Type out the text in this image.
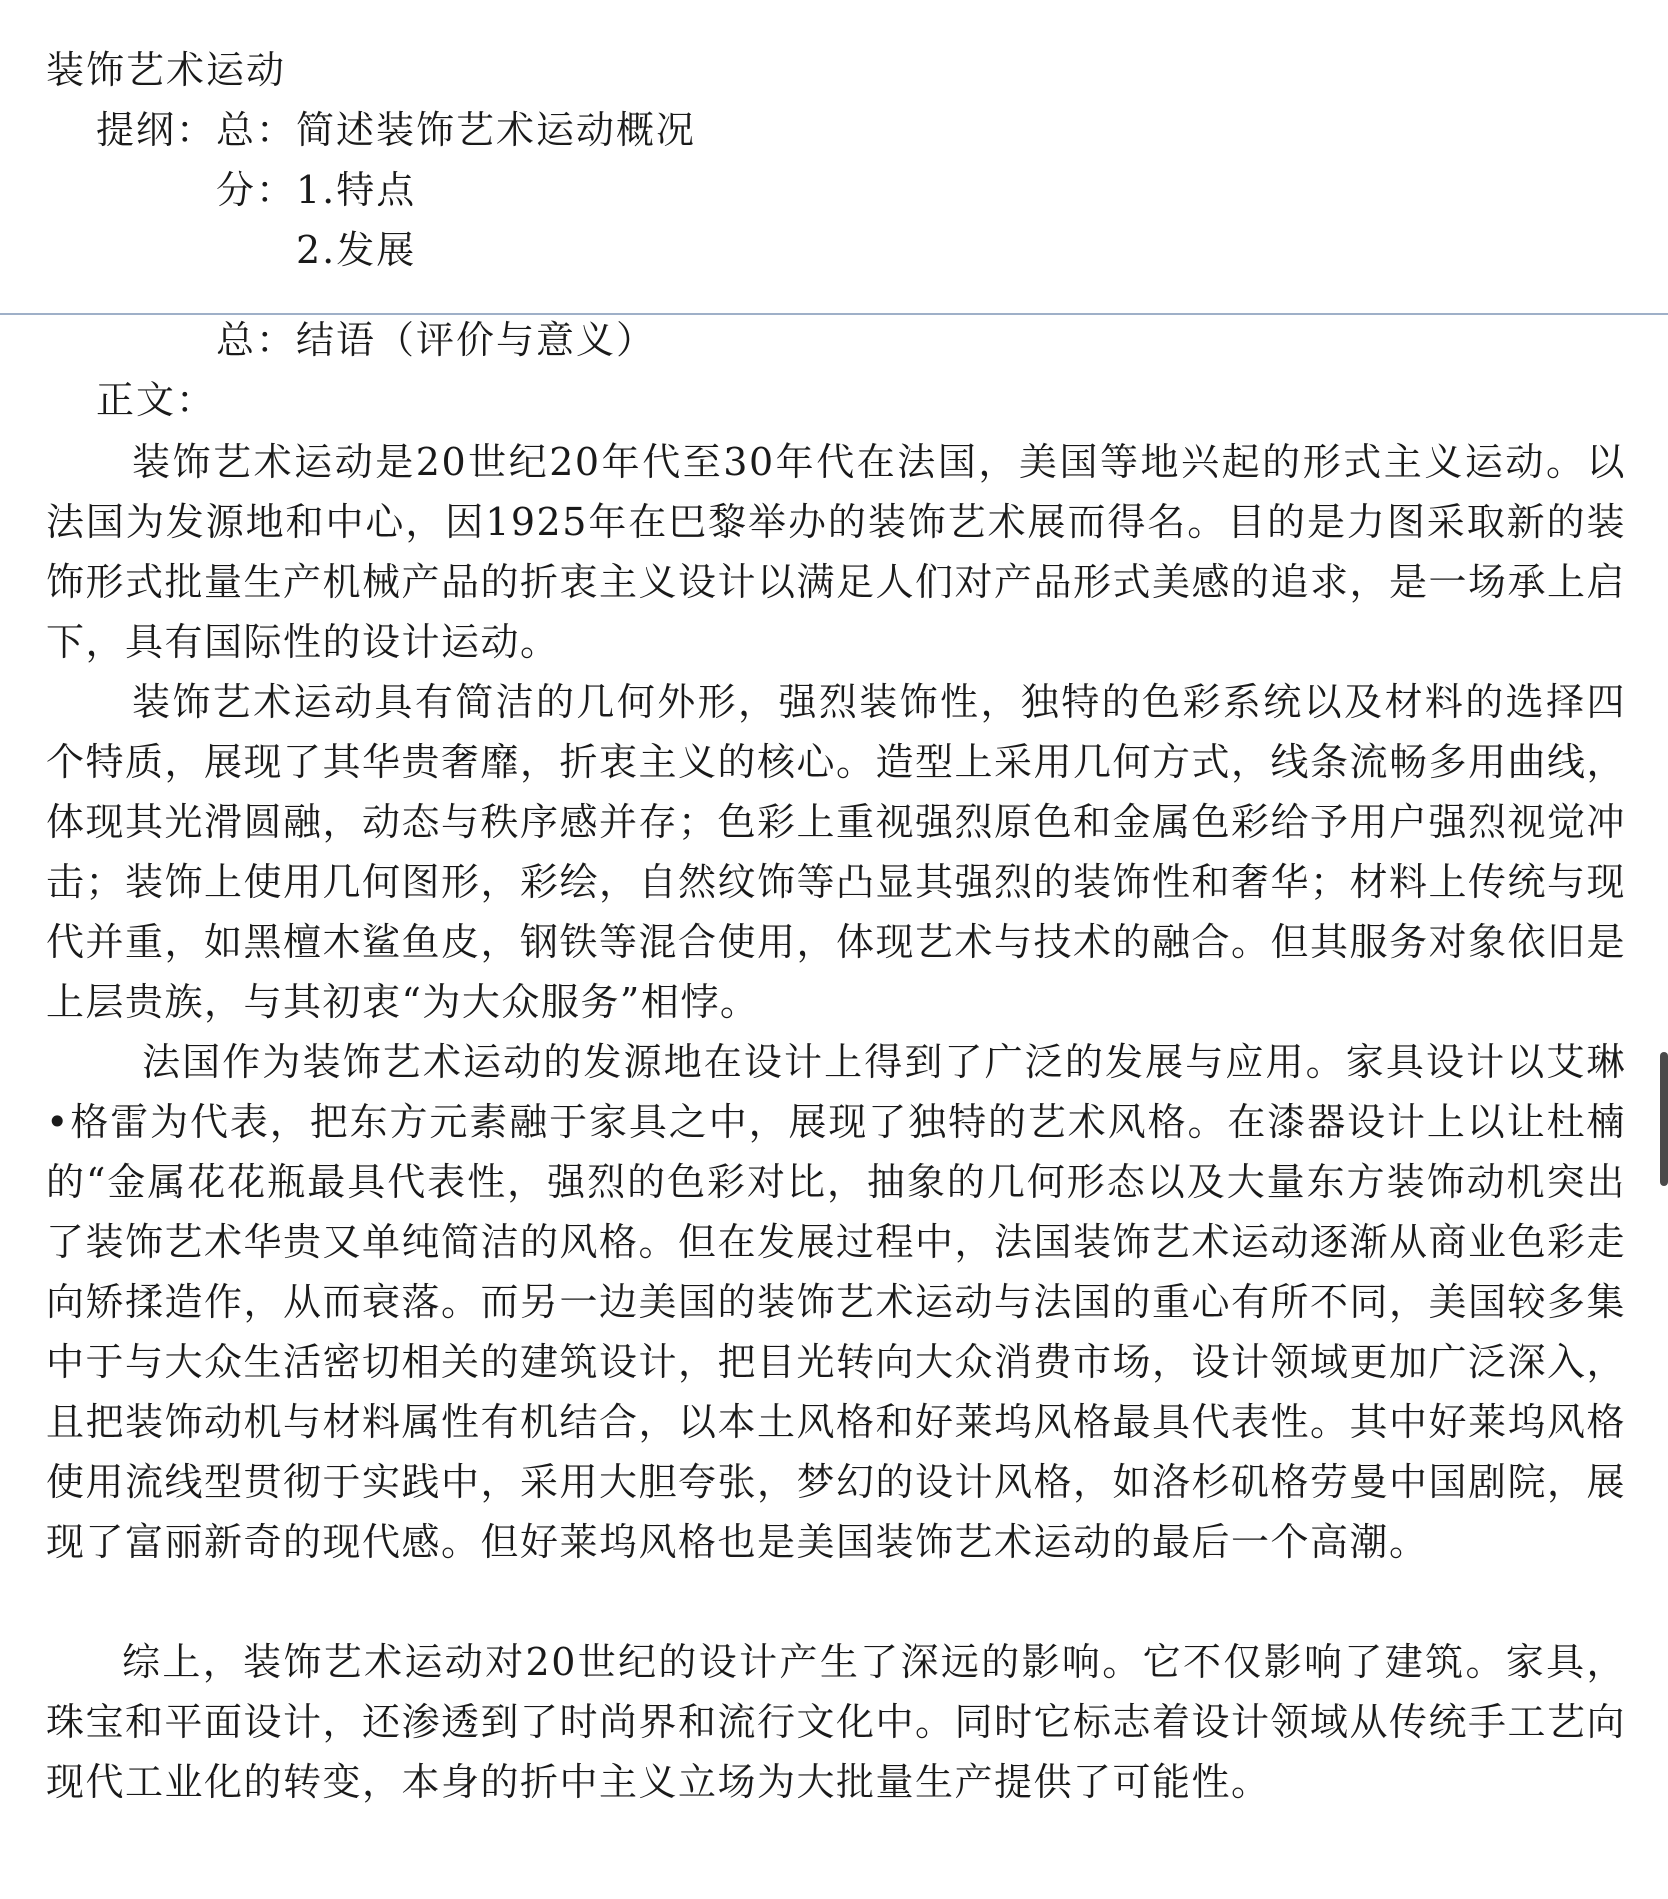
装饰艺术运动
提纲：总：简述装饰艺术运动概况
分：1.特点
2.发展
总：结语（评价与意义）
正文：

装饰艺术运动是20世纪20年代至30年代在法国，美国等地兴起的形式主义运动。以法国为发源地和中心，因1925年在巴黎举办的装饰艺术展而得名。目的是力图采取新的装饰形式批量生产机械产品的折衷主义设计以满足人们对产品形式美感的追求，是一场承上启下，具有国际性的设计运动。

装饰艺术运动具有简洁的几何外形，强烈装饰性，独特的色彩系统以及材料的选择四个特质，展现了其华贵奢靡，折衷主义的核心。造型上采用几何方式，线条流畅多用曲线，体现其光滑圆融，动态与秩序感并存；色彩上重视强烈原色和金属色彩给予用户强烈视觉冲击；装饰上使用几何图形，彩绘，自然纹饰等凸显其强烈的装饰性和奢华；材料上传统与现代并重，如黑檀木鲨鱼皮，钢铁等混合使用，体现艺术与技术的融合。但其服务对象依旧是上层贵族，与其初衷“为大众服务”相悖。

法国作为装饰艺术运动的发源地在设计上得到了广泛的发展与应用。家具设计以艾琳•格雷为代表，把东方元素融于家具之中，展现了独特的艺术风格。在漆器设计上以让杜楠的“金属花花瓶最具代表性，强烈的色彩对比，抽象的几何形态以及大量东方装饰动机突出了装饰艺术华贵又单纯简洁的风格。但在发展过程中，法国装饰艺术运动逐渐从商业色彩走向矫揉造作，从而衰落。而另一边美国的装饰艺术运动与法国的重心有所不同，美国较多集中于与大众生活密切相关的建筑设计，把目光转向大众消费市场，设计领域更加广泛深入，且把装饰动机与材料属性有机结合，以本土风格和好莱坞风格最具代表性。其中好莱坞风格使用流线型贯彻于实践中，采用大胆夸张，梦幻的设计风格，如洛杉矶格劳曼中国剧院，展现了富丽新奇的现代感。但好莱坞风格也是美国装饰艺术运动的最后一个高潮。

综上，装饰艺术运动对20世纪的设计产生了深远的影响。它不仅影响了建筑。家具，珠宝和平面设计，还渗透到了时尚界和流行文化中。同时它标志着设计领域从传统手工艺向现代工业化的转变，本身的折中主义立场为大批量生产提供了可能性。
